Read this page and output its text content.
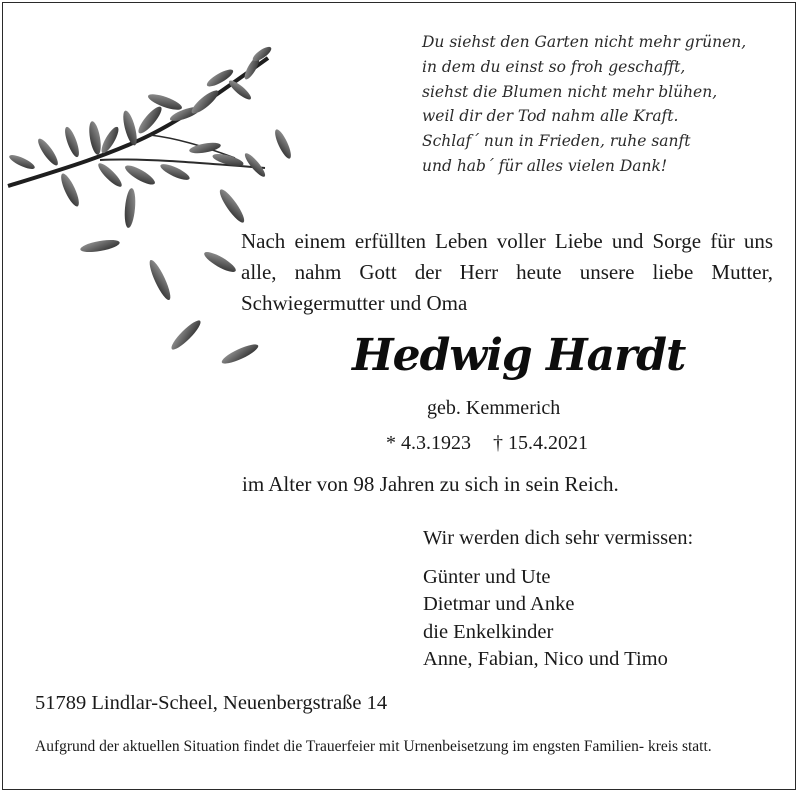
Du siehst den Garten nicht mehr grünen,
in dem du einst so froh geschafft,
siehst die Blumen nicht mehr blühen,
weil dir der Tod nahm alle Kraft.
Schlaf´ nun in Frieden, ruhe sanft
und hab´ für alles vielen Dank!
Nach einem erfüllten Leben voller Liebe und Sorge für uns alle, nahm Gott der Herr heute unsere liebe Mutter, Schwiegermutter und Oma
Hedwig Hardt
geb. Kemmerich
* 4.3.1923 † 15.4.2021
im Alter von 98 Jahren zu sich in sein Reich.
Wir werden dich sehr vermissen:
Günter und Ute
Dietmar und Anke
die Enkelkinder
Anne, Fabian, Nico und Timo
51789 Lindlar-Scheel, Neuenbergstraße 14
Aufgrund der aktuellen Situation findet die Trauerfeier mit Urnenbeisetzung im engsten Familien- kreis statt.
